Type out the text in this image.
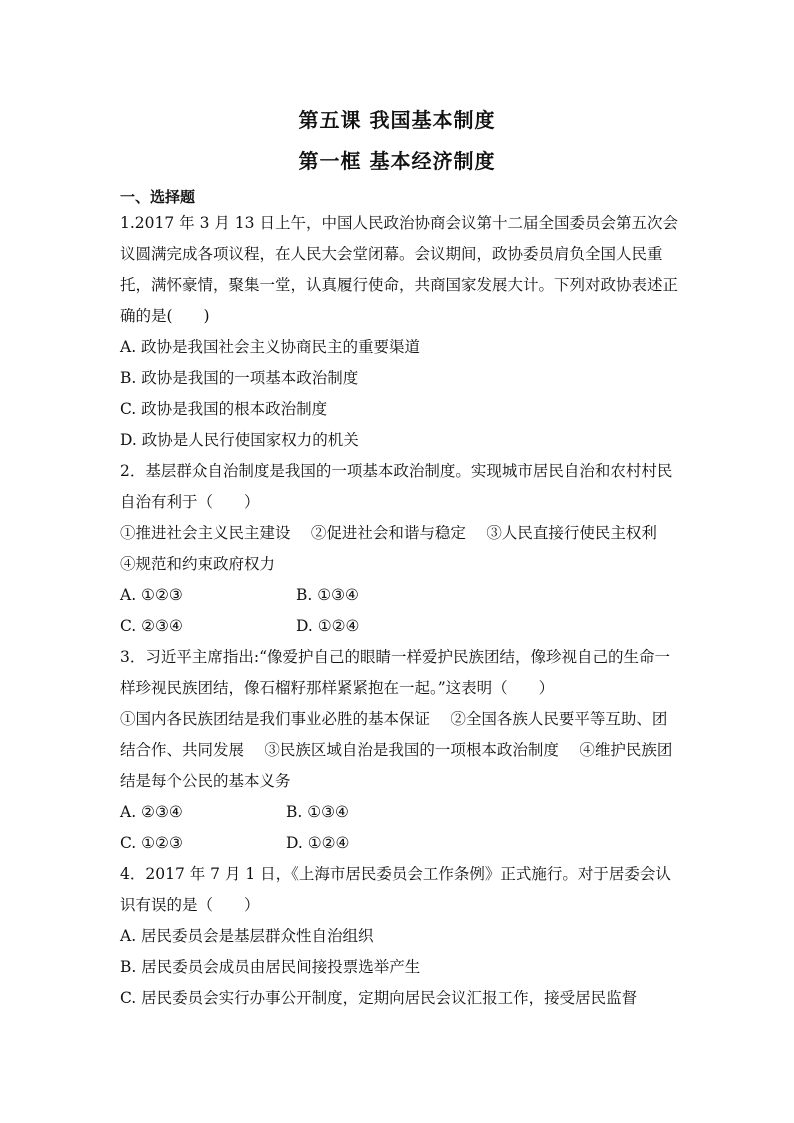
第五课 我国基本制度
第一框 基本经济制度
一、选择题

1.2017 年 3 月 13 日上午，中国人民政治协商会议第十二届全国委员会第五次会议圆满完成各项议程，在人民大会堂闭幕。会议期间，政协委员肩负全国人民重托，满怀豪情，聚集一堂，认真履行使命，共商国家发展大计。下列对政协表述正确的是(　　)

A. 政协是我国社会主义协商民主的重要渠道

B. 政协是我国的一项基本政治制度

C. 政协是我国的根本政治制度

D. 政协是人民行使国家权力的机关

2．基层群众自治制度是我国的一项基本政治制度。实现城市居民自治和农村村民自治有利于（　　）

①推进社会主义民主建设　 ②促进社会和谐与稳定　 ③人民直接行使民主权利　 ④规范和约束政府权力

A. ①②③	B. ①③④
C. ②③④	D. ①②④

3．习近平主席指出:“像爱护自己的眼睛一样爱护民族团结，像珍视自己的生命一样珍视民族团结，像石榴籽那样紧紧抱在一起。”这表明（　　）

①国内各民族团结是我们事业必胜的基本保证　 ②全国各族人民要平等互助、团结合作、共同发展　 ③民族区域自治是我国的一项根本政治制度　 ④维护民族团结是每个公民的基本义务

A. ②③④	B. ①③④
C. ①②③	D. ①②④

4．2017 年 7 月 1 日，《上海市居民委员会工作条例》正式施行。对于居委会认识有误的是（　　）

A. 居民委员会是基层群众性自治组织

B. 居民委员会成员由居民间接投票选举产生

C. 居民委员会实行办事公开制度，定期向居民会议汇报工作，接受居民监督
